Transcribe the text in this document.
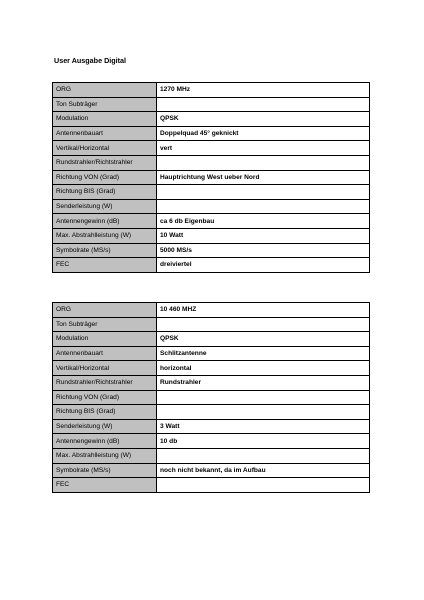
User Ausgabe Digital
ORG	1270 MHz
Ton Subträger	
Modulation	QPSK
Antennenbauart	Doppelquad 45° geknickt
Vertikal/Horizontal	vert
Rundstrahler/Richtstrahler	
Richtung VON (Grad)	Hauptrichtung West ueber Nord
Richtung BIS (Grad)	
Senderleistung (W)	
Antennengewinn (dB)	ca 6 db Eigenbau
Max. Abstrahlleistung (W)	10 Watt
Symbolrate (MS/s)	5000 MS/s
FEC	dreiviertel
ORG	10 460 MHZ
Ton Subträger	
Modulation	QPSK
Antennenbauart	Schlitzantenne
Vertikal/Horizontal	horizontal
Rundstrahler/Richtstrahler	Rundstrahler
Richtung VON (Grad)	
Richtung BIS (Grad)	
Senderleistung (W)	3 Watt
Antennengewinn (dB)	10 db
Max. Abstrahlleistung (W)	
Symbolrate (MS/s)	noch nicht bekannt, da im Aufbau
FEC	
